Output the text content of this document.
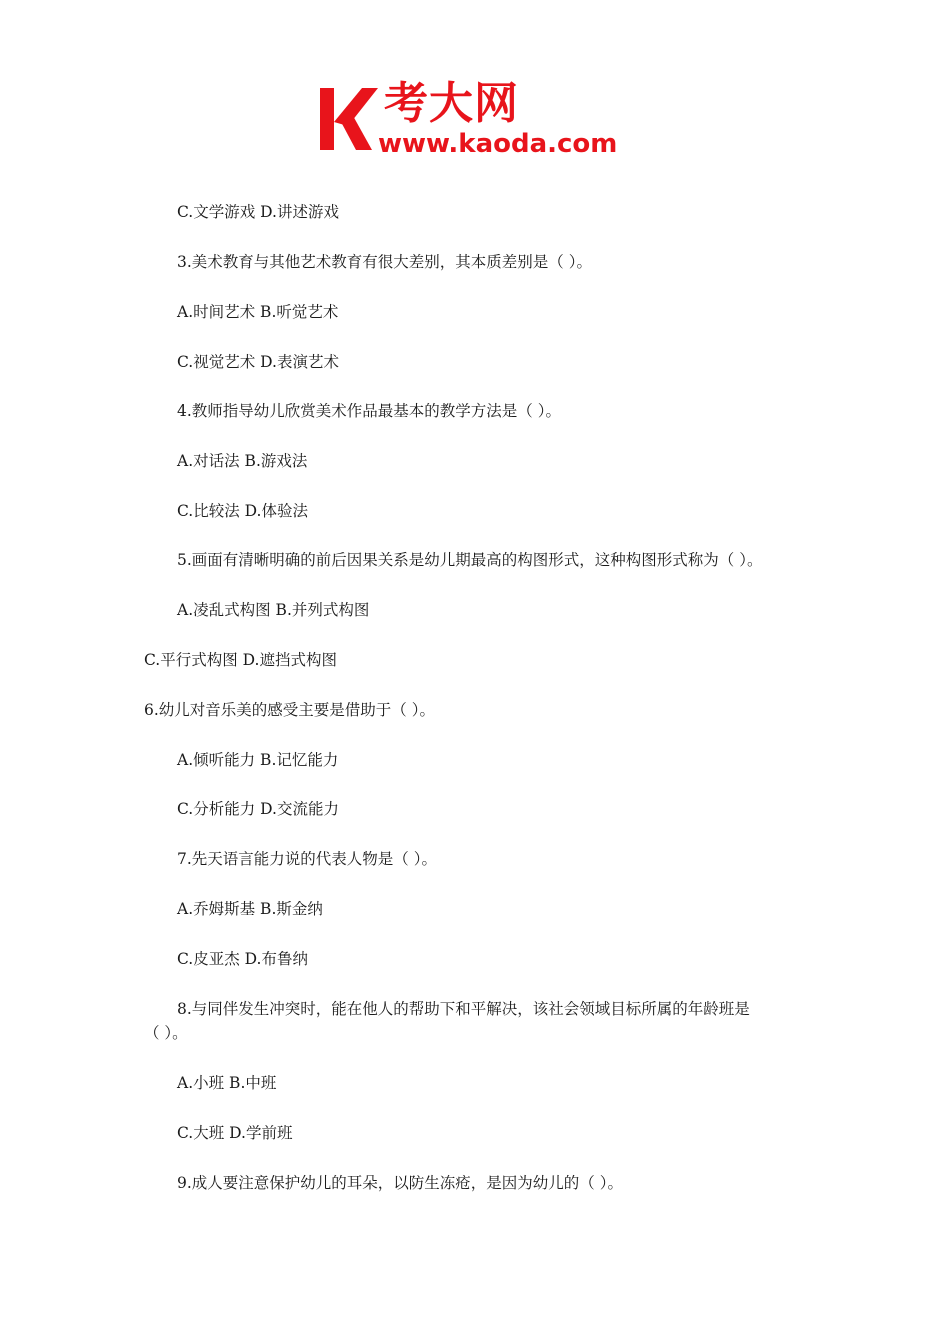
考大网
www.kaoda.com
C.文学游戏 D.讲述游戏
3.美术教育与其他艺术教育有很大差别，其本质差别是（ ）。
A.时间艺术 B.听觉艺术
C.视觉艺术 D.表演艺术
4.教师指导幼儿欣赏美术作品最基本的教学方法是（ ）。
A.对话法 B.游戏法
C.比较法 D.体验法
5.画面有清晰明确的前后因果关系是幼儿期最高的构图形式，这种构图形式称为（ ）。
A.凌乱式构图 B.并列式构图
C.平行式构图 D.遮挡式构图
6.幼儿对音乐美的感受主要是借助于（ ）。
A.倾听能力 B.记忆能力
C.分析能力 D.交流能力
7.先天语言能力说的代表人物是（ ）。
A.乔姆斯基 B.斯金纳
C.皮亚杰 D.布鲁纳
8.与同伴发生冲突时，能在他人的帮助下和平解决，该社会领域目标所属的年龄班是
（ ）。
A.小班 B.中班
C.大班 D.学前班
9.成人要注意保护幼儿的耳朵，以防生冻疮，是因为幼儿的（ ）。
